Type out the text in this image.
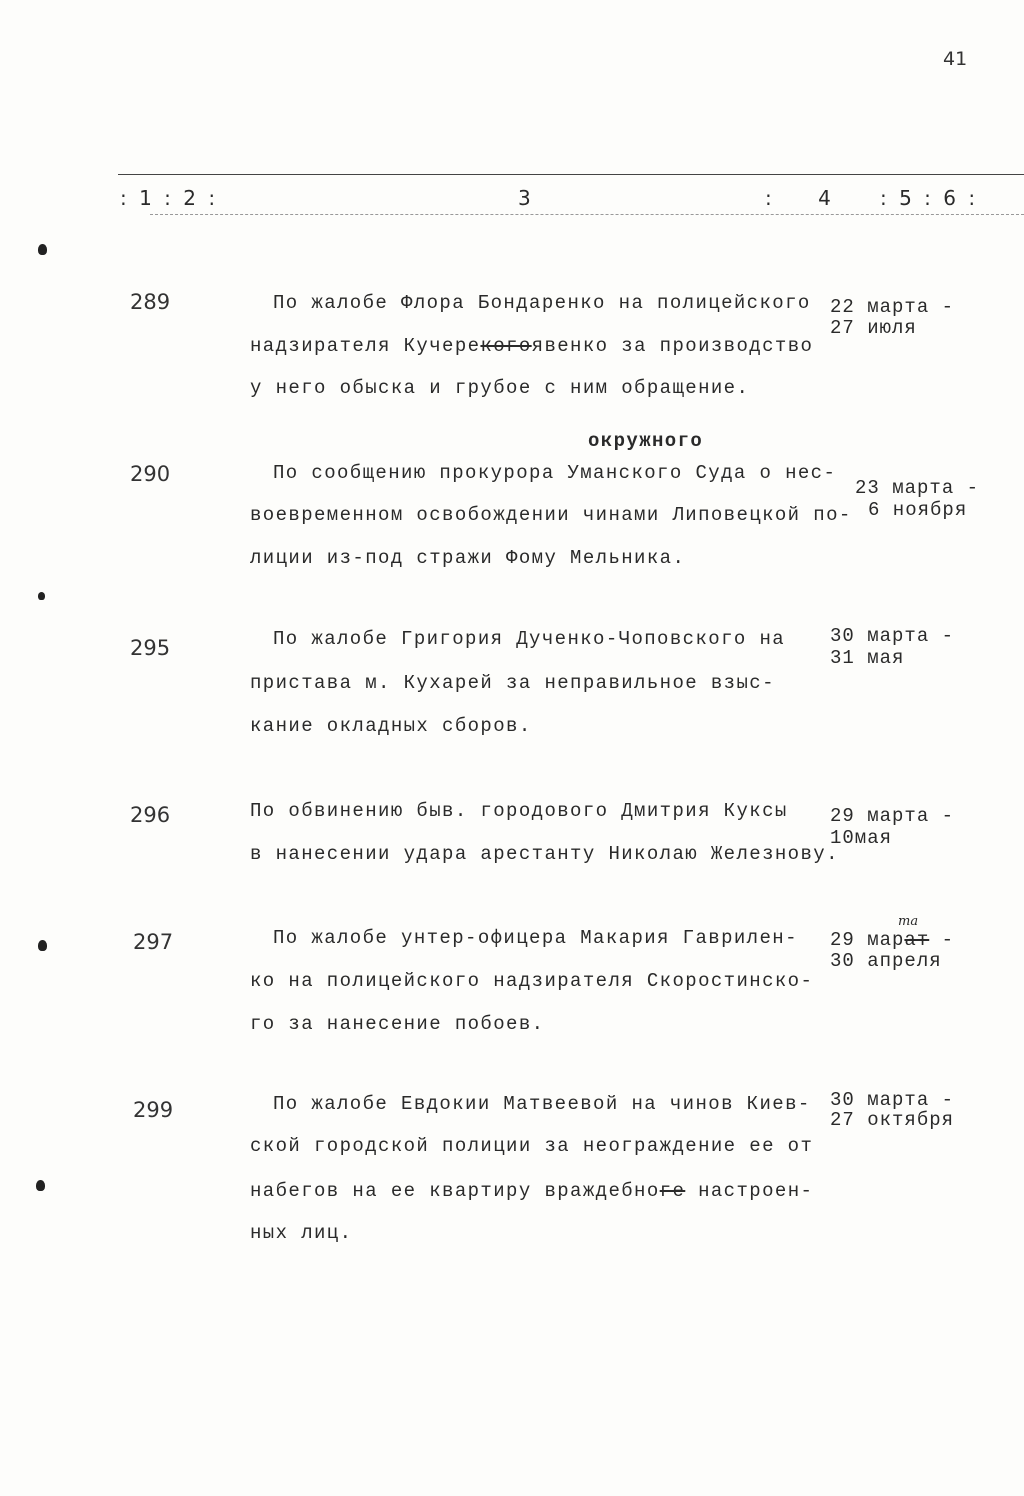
41
: 1 : 2 :	3	: 4 : 5 : 6 :
289	По жалобе Флора Бондаренко на полицейского
надзирателя Кучерекогоявенко за производство
у него обыска и грубое с ним обращение.
22 марта -
27 июля
окружного
290	По сообщению прокурора Уманского Суда о нес-
воевременном освобождении чинами Липовецкой по-
лиции из-под стражи Фому Мельника.
23 марта -
6 ноября
295	По жалобе Григория Дученко-Чоповского на
пристава м. Кухарей за неправильное взыс-
кание окладных сборов.
30 марта -
31 мая
296	По обвинению быв. городового Дмитрия Куксы
в нанесении удара арестанту Николаю Железнову.
29 марта -
10мая
297	По жалобе унтер-офицера Макария Гаврилен-
ко на полицейского надзирателя Скоростинско-
го за нанесение побоев.
та
29 марат -
30 апреля
299	По жалобе Евдокии Матвеевой на чинов Киев-
ской городской полиции за неограждение ее от
набегов на ее квартиру враждебноге настроен-
ных лиц.
30 марта -
27 октября
